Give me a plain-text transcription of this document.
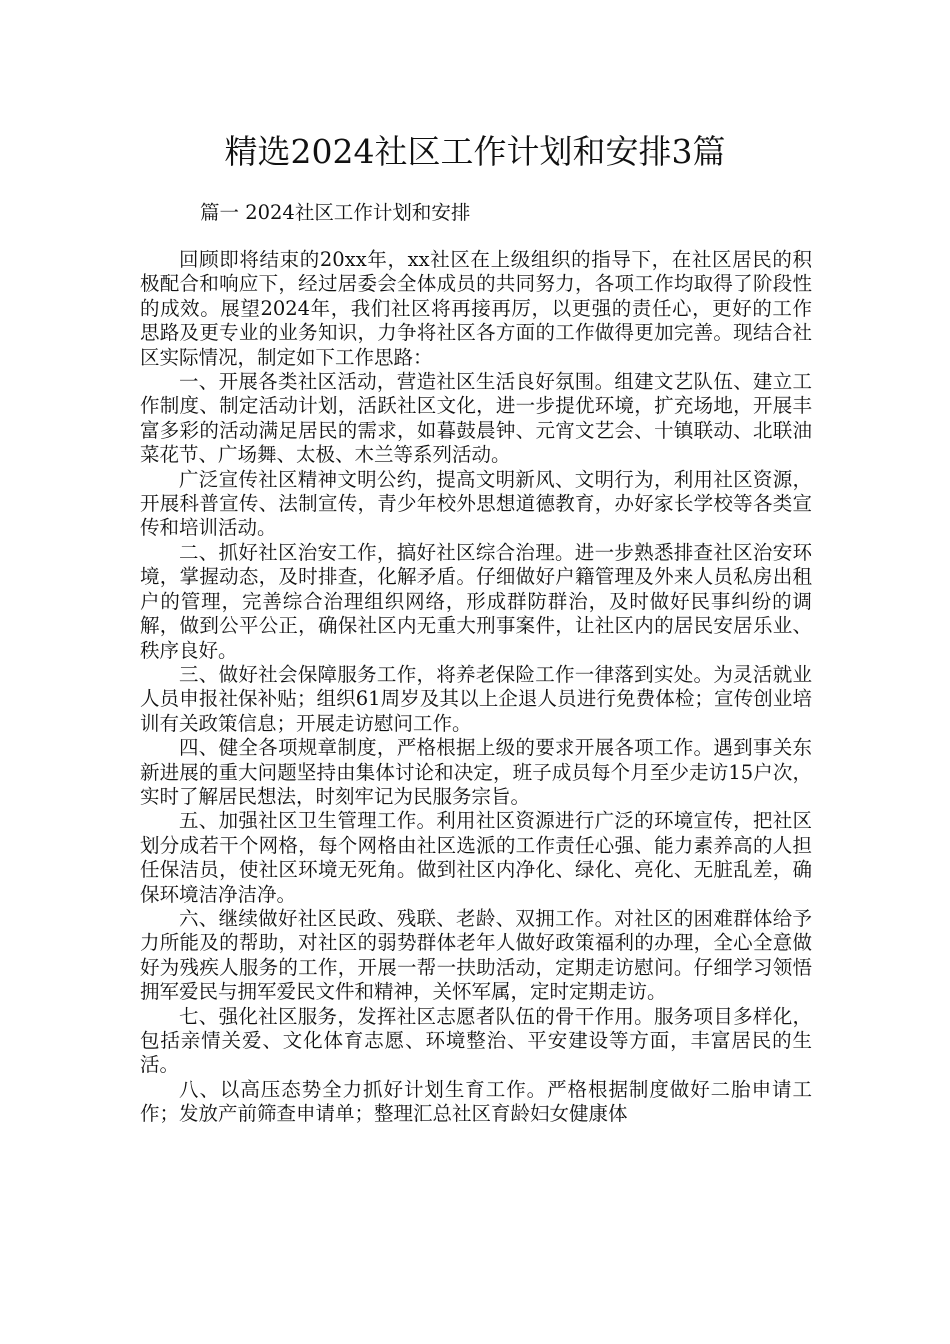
精选2024社区工作计划和安排3篇
篇一 2024社区工作计划和安排

回顾即将结束的20xx年，xx社区在上级组织的指导下，在社区居民的积极配合和响应下，经过居委会全体成员的共同努力，各项工作均取得了阶段性的成效。展望2024年，我们社区将再接再厉，以更强的责任心，更好的工作思路及更专业的业务知识，力争将社区各方面的工作做得更加完善。现结合社区实际情况，制定如下工作思路：

一、开展各类社区活动，营造社区生活良好氛围。组建文艺队伍、建立工作制度、制定活动计划，活跃社区文化，进一步提优环境，扩充场地，开展丰富多彩的活动满足居民的需求，如暮鼓晨钟、元宵文艺会、十镇联动、北联油菜花节、广场舞、太极、木兰等系列活动。

广泛宣传社区精神文明公约，提高文明新风、文明行为，利用社区资源，开展科普宣传、法制宣传，青少年校外思想道德教育，办好家长学校等各类宣传和培训活动。

二、抓好社区治安工作，搞好社区综合治理。进一步熟悉排查社区治安环境，掌握动态，及时排查，化解矛盾。仔细做好户籍管理及外来人员私房出租户的管理，完善综合治理组织网络，形成群防群治，及时做好民事纠纷的调解，做到公平公正，确保社区内无重大刑事案件，让社区内的居民安居乐业、秩序良好。

三、做好社会保障服务工作，将养老保险工作一律落到实处。为灵活就业人员申报社保补贴；组织61周岁及其以上企退人员进行免费体检；宣传创业培训有关政策信息；开展走访慰问工作。

四、健全各项规章制度，严格根据上级的要求开展各项工作。遇到事关东新进展的重大问题坚持由集体讨论和决定，班子成员每个月至少走访15户次，实时了解居民想法，时刻牢记为民服务宗旨。

五、加强社区卫生管理工作。利用社区资源进行广泛的环境宣传，把社区划分成若干个网格，每个网格由社区选派的工作责任心强、能力素养高的人担任保洁员，使社区环境无死角。做到社区内净化、绿化、亮化、无脏乱差，确保环境洁净洁净。

六、继续做好社区民政、残联、老龄、双拥工作。对社区的困难群体给予力所能及的帮助，对社区的弱势群体老年人做好政策福利的办理，全心全意做好为残疾人服务的工作，开展一帮一扶助活动，定期走访慰问。仔细学习领悟拥军爱民与拥军爱民文件和精神，关怀军属，定时定期走访。

七、强化社区服务，发挥社区志愿者队伍的骨干作用。服务项目多样化，包括亲情关爱、文化体育志愿、环境整治、平安建设等方面，丰富居民的生活。

八、以高压态势全力抓好计划生育工作。严格根据制度做好二胎申请工作；发放产前筛查申请单；整理汇总社区育龄妇女健康体
